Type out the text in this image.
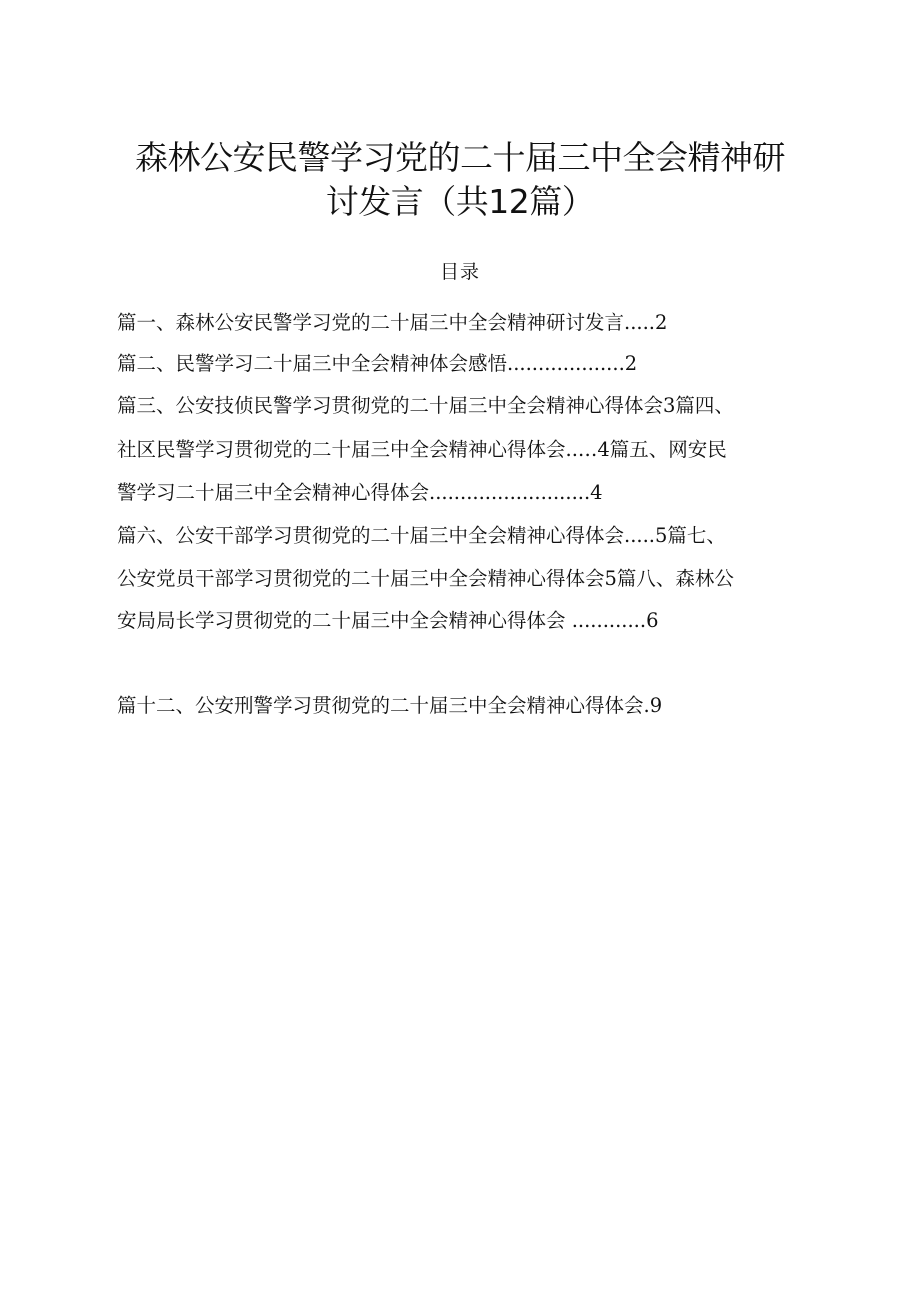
森林公安民警学习党的二十届三中全会精神研
讨发言（共12篇）
目录
篇一、森林公安民警学习党的二十届三中全会精神研讨发言.....2
篇二、民警学习二十届三中全会精神体会感悟...................2
篇三、公安技侦民警学习贯彻党的二十届三中全会精神心得体会3篇四、
社区民警学习贯彻党的二十届三中全会精神心得体会..…4篇五、网安民
警学习二十届三中全会精神心得体会..........................4
篇六、公安干部学习贯彻党的二十届三中全会精神心得体会.....5篇七、
公安党员干部学习贯彻党的二十届三中全会精神心得体会5篇八、森林公
安局局长学习贯彻党的二十届三中全会精神心得体会 ............6
篇十二、公安刑警学习贯彻党的二十届三中全会精神心得体会.9
